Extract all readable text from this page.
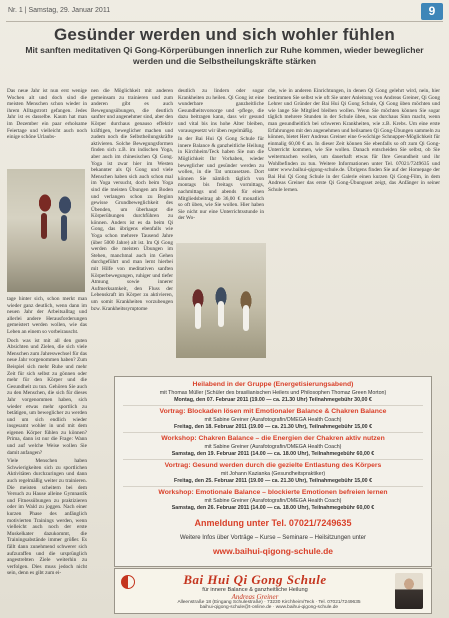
Nr. 1 | Samstag, 29. Januar 2011	9
Gesünder werden und sich wohler fühlen
Mit sanften meditativen Qi Gong-Körperübungen innerlich zur Ruhe kommen, wieder beweglicher werden und die Selbstheilungskräfte stärken

Das neue Jahr ist nun erst wenige Wochen alt und doch sind die meisten Menschen schon wieder in ihrem Alltagstrott gefangen. Jedes Jahr ist es dasselbe. Kaum hat man im Dezember ein paar erholsame Feiertage und vielleicht auch noch einige schöne Urlaubs-

tage hinter sich, schon merkt man wieder ganz deutlich, wenn dann im neuen Jahr der Arbeitsalltag und allerlei andere Herausforderungen gemeistert werden wollen, wie das Leben an einem so vorbeirauscht.

Doch was ist mit all den guten Absichten und Zielen, die sich viele Menschen zum Jahreswechsel für das neue Jahr vorgenommen haben? Zum Beispiel sich mehr Ruhe und mehr Zeit für sich selbst zu gönnen oder mehr für den Körper und die Gesundheit zu tun. Gehören Sie auch zu den Menschen, die sich für dieses Jahr vorgenommen haben, sich wieder etwas mehr sportlich zu betätigen, um beweglicher zu werden und um sich endlich wieder insgesamt wohler in und mit dem eigenen Körper fühlen zu können? Prima, dann ist nur die Frage: Wann und auf welche Weise wollen Sie damit anfangen?

Viele Menschen haben Schwierigkeiten sich zu sportlichen Aktivitäten durchzuringen und dann auch regelmäßig weiter zu trainieren. Die meisten scheitern bei dem Versuch zu Hause alleine Gymnastik und Fitnessübungen zu praktizieren oder im Wald zu joggen. Nach einer kurzen Phase des anfänglich motivierten Trainings werden, wenn vielleicht auch noch der erste Muskelkater dazukommt, die Trainingsabstände immer größer. Es fällt dann zunehmend schwerer sich aufzuraffen und die ursprünglich angestrebten Ziele weiterhin zu verfolgen. Dies muss jedoch nicht sein, denn es gibt zum ei-

nen die Möglichkeit mit anderen gemeinsam zu trainieren und zum anderen gibt es auch Bewegungsübungen, die deutlich sanfter und angenehmer sind, aber den Körper durchaus genauso effektiv kräftigen, beweglicher machen und zudem noch die Selbstheilungskräfte aktivieren. Solche Bewegungsformen finden sich z.B. im indischen Yoga, aber auch im chinesischen Qi Gong. Yoga ist zwar hier im Westen bekannter als Qi Gong und viele Menschen haben sich auch schon mal im Yoga versucht, doch beim Yoga sind die meisten Übungen am Boden und verlangen schon zu Beginn gewisse Grundbeweglichkeit des Übenden, um überhaupt die Körperübungen durchführen zu können. Anders ist es da beim Qi Gong, das übrigens ebenfalls wie Yoga schon mehrere Tausend Jahre (über 5000 Jahre) alt ist. Im Qi Gong werden die meisten Übungen im Stehen, manchmal auch im Gehen durchgeführt und man lernt hierbei mit Hilfe von meditativen sanften Körperbewegungen, ruhiger und tiefer Atmung sowie innerer Aufmerksamkeit, den Fluss der Lebenskraft im Körper zu aktivieren, um somit Krankheiten vorzubeugen bzw. Krankheitssymptome

deutlich zu lindern oder sogar Krankheiten zu heilen. Qi Gong ist eine wunderbare ganzheitliche Gesundheitsvorsorge und -pflege, die dazu beitragen kann, dass wir gesund und vital bis ins hohe Alter bleiben, vorausgesetzt wir üben regelmäßig.

In der Bai Hui Qi Gong Schule für innere Balance & ganzheitliche Heilung in Kirchheim/Teck haben Sie nun die Möglichkeit Ihr Vorhaben, wieder beweglicher und gesünder werden zu wollen, in die Tat umzusetzen. Dort können Sie nämlich täglich von montags bis freitags vormittags, nachmittags und abends für einen Mitgliedsbeitrag ab 36,00 € monatlich so oft üben, wie Sie wollen. Hier haben Sie nicht nur eine Unterrichtsstunde in der Wo-

che, wie in anderen Einrichtungen, in denen Qi Gong gelehrt wird, nein, hier bestimmen Sie selbst wie oft Sie unter Anleitung von Andreas Greiner, Qi Gong Lehrer und Gründer der Bai Hui Qi Gong Schule, Qi Gong üben möchten und wie lange Sie Mitglied bleiben wollen. Wenn Sie möchten können Sie sogar täglich mehrere Stunden in der Schule üben, was durchaus Sinn macht, wenn man gesundheitlich bei schweren Krankheiten, wie z.B. Krebs. Um eine erste Erfahrungen mit den angenehmen und heilsamen Qi Gong-Übungen sammeln zu können, bietet Herr Andreas Greiner eine 6-wöchige Schnupper-Möglichkeit für einmalig 60,00 € an. In dieser Zeit können Sie ebenfalls so oft zum Qi Gong-Unterricht kommen, wie Sie wollen. Danach entscheiden Sie selbst, ob Sie weitermachen wollen, um dauerhaft etwas für Ihre Gesundheit und ihr Wohlbefinden zu tun. Weitere Informationen unter Tel. 07021/7249635 und unter www.baihui-qigong-schule.de. Übrigens finden Sie auf der Homepage der Bai Hui Qi Gong Schule in der Galerie einen kurzen Qi Gong-Film, in dem Andreas Greiner das erste Qi Gong-Übungsset zeigt, das Anfänger in seiner Schule lernen.

Heilabend in der Gruppe (Energetisierungsabend)
mit Thomas Müller (Schüler des brasilianischen Heilers und Philosophen Thomaz Green Morton)
Montag, den 07. Februar 2011 (19.00 — ca. 21.30 Uhr) Teilnahmegebühr 30,00 €
Vortrag: Blockaden lösen mit Emotionaler Balance & Chakren Balance
mit Sabine Greiner (Aurafotografin/OMEGA Health Coach)
Freitag, den 18. Februar 2011 (19.00 — ca. 21.30 Uhr), Teilnahmegebühr 15,00 €
Workshop: Chakren Balance – die Energien der Chakren aktiv nutzen
mit Sabine Greiner (Aurafotografin/OMEGA Health Coach)
Samstag, den 19. Februar 2011 (14.00 — ca. 18.00 Uhr), Teilnahmegebühr 60,00 €
Vortrag: Gesund werden durch die gezielte Entlastung des Körpers
mit Johann Kazianka (Gesundheitspraktiker)
Freitag, den 25. Februar 2011 (19.00 — ca. 21.30 Uhr), Teilnahmegebühr 15,00 €
Workshop: Emotionale Balance – blockierte Emotionen befreien lernen
mit Sabine Greiner (Aurafotografin/OMEGA Health Coach)
Samstag, den 26. Februar 2011 (14.00 — ca. 18.00 Uhr), Teilnahmegebühr 60,00 €
Anmeldung unter Tel. 07021/7249635
Weitere Infos über Vorträge – Kurse – Seminare – Heilsitzungen unter
www.baihui-qigong-schule.de
Bai Hui Qi Gong Schule
für innere Balance & ganzheitliche Heilung
Andreas Greiner
Alleenstraße 18 (Eingang Schulestraße) · 73230 Kirchheim/Teck · Tel. 07021/7249635
baihui-qigong-schule@t-online.de · www.baihui-qigong-schule.de
